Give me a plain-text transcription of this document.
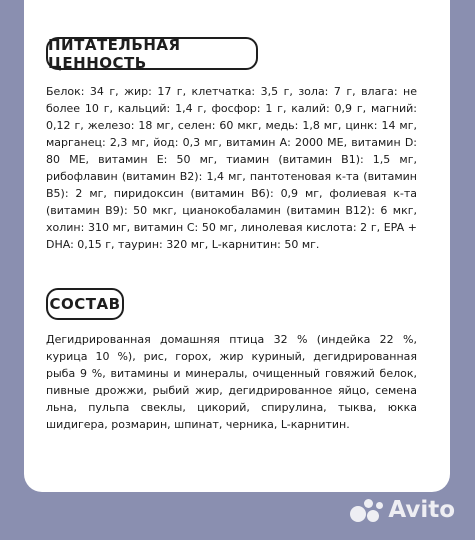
ПИТАТЕЛЬНАЯ ЦЕННОСТЬ
Белок: 34 г, жир: 17 г, клетчатка: 3,5 г, зола: 7 г, влага: не более 10 г, кальций: 1,4 г, фосфор: 1 г, калий: 0,9 г, магний: 0,12 г, железо: 18 мг, селен: 60 мкг, медь: 1,8 мг, цинк: 14 мг, марганец: 2,3 мг, йод: 0,3 мг, витамин А: 2000 МЕ, витамин D: 80 МЕ, витамин Е: 50 мг, тиамин (витамин B1): 1,5 мг, рибофлавин (витамин B2): 1,4 мг, пантотеновая к-та (витамин B5): 2 мг, пиридоксин (витамин B6): 0,9 мг, фолиевая к-та (витамин B9): 50 мкг, цианокобаламин (витамин B12): 6 мкг, холин: 310 мг, витамин С: 50 мг, линолевая кислота: 2 г, EPA + DHA: 0,15 г, таурин: 320 мг, L-карнитин: 50 мг.
СОСТАВ
Дегидрированная домашняя птица 32 % (индейка 22 %, курица 10 %), рис, горох, жир куриный, дегидрированная рыба 9 %, витамины и минералы, очищенный говяжий белок, пивные дрожжи, рыбий жир, дегидрированное яйцо, семена льна, пульпа свеклы, цикорий, спирулина, тыква, юкка шидигера, розмарин, шпинат, черника, L-карнитин.
Avito
